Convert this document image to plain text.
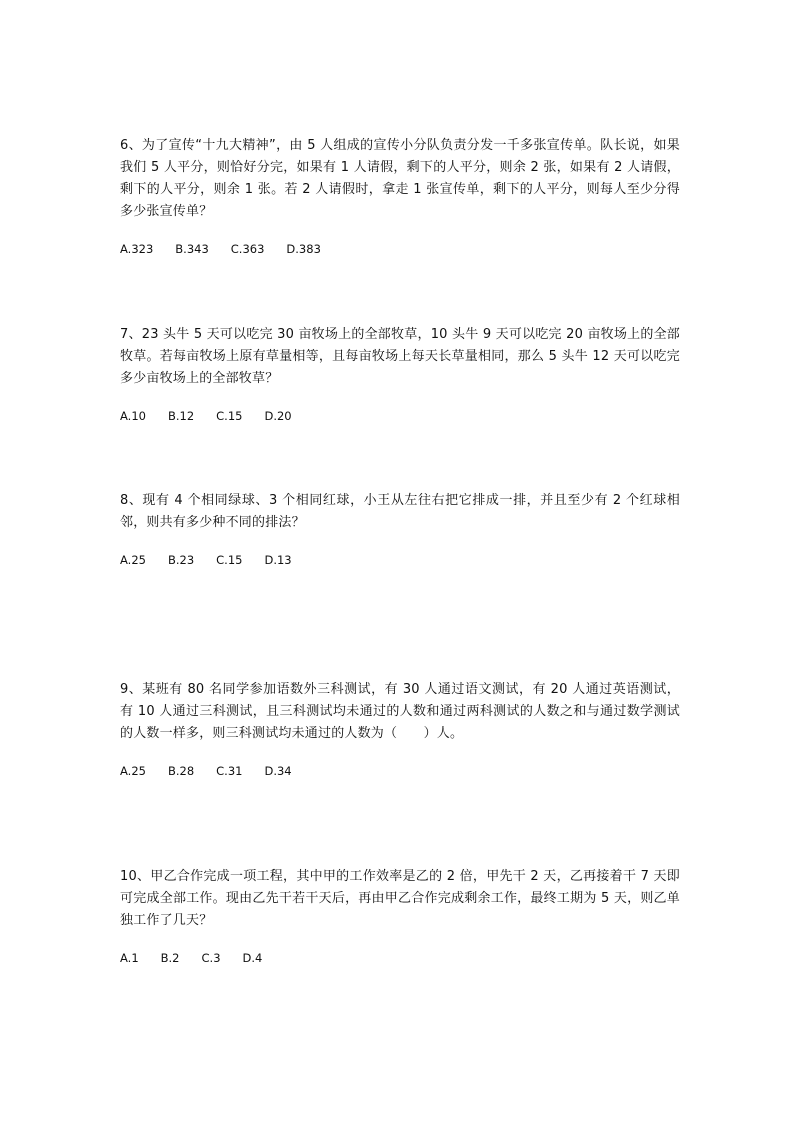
6、为了宣传“十九大精神”，由 5 人组成的宣传小分队负责分发一千多张宣传单。队长说，如果我们 5 人平分，则恰好分完，如果有 1 人请假，剩下的人平分，则余 2 张，如果有 2 人请假，剩下的人平分，则余 1 张。若 2 人请假时，拿走 1 张宣传单，剩下的人平分，则每人至少分得多少张宣传单？

A.323 B.343 C.363 D.383

7、23 头牛 5 天可以吃完 30 亩牧场上的全部牧草，10 头牛 9 天可以吃完 20 亩牧场上的全部牧草。若每亩牧场上原有草量相等，且每亩牧场上每天长草量相同，那么 5 头牛 12 天可以吃完多少亩牧场上的全部牧草？

A.10 B.12 C.15 D.20

8、现有 4 个相同绿球、3 个相同红球，小王从左往右把它排成一排，并且至少有 2 个红球相邻，则共有多少种不同的排法？

A.25 B.23 C.15 D.13

9、某班有 80 名同学参加语数外三科测试，有 30 人通过语文测试，有 20 人通过英语测试，有 10 人通过三科测试，且三科测试均未通过的人数和通过两科测试的人数之和与通过数学测试的人数一样多，则三科测试均未通过的人数为（　　）人。

A.25 B.28 C.31 D.34

10、甲乙合作完成一项工程，其中甲的工作效率是乙的 2 倍，甲先干 2 天，乙再接着干 7 天即可完成全部工作。现由乙先干若干天后，再由甲乙合作完成剩余工作，最终工期为 5 天，则乙单独工作了几天？

A.1 B.2 C.3 D.4
